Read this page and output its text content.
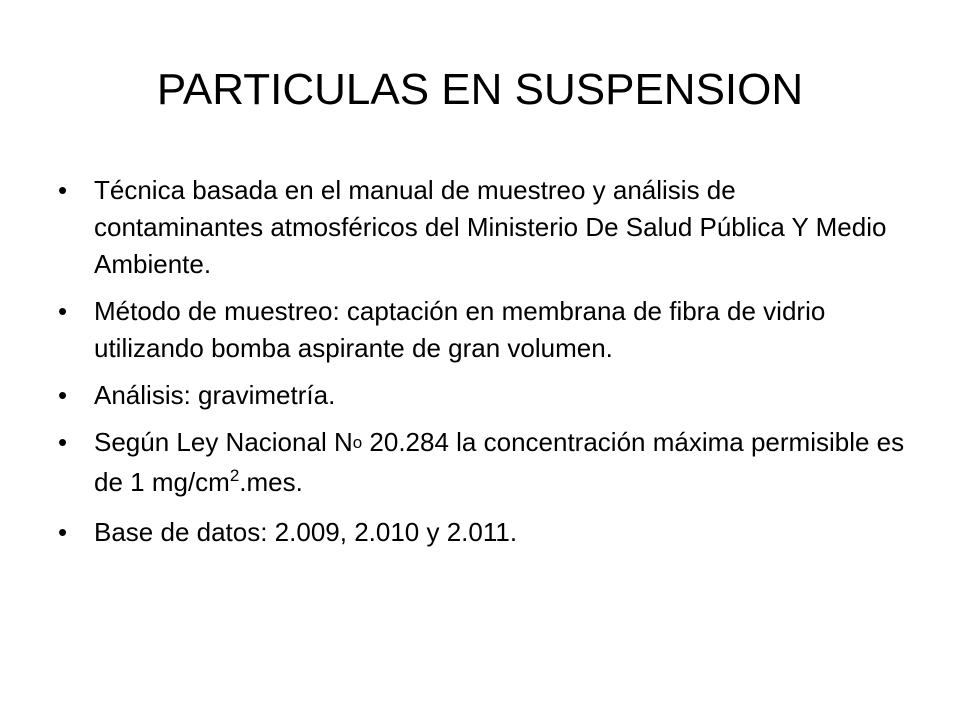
PARTICULAS EN SUSPENSION
• Técnica basada en el manual de muestreo y análisis de contaminantes atmosféricos del Ministerio De Salud Pública Y Medio Ambiente.
• Método de muestreo: captación en membrana de fibra de vidrio utilizando bomba aspirante de gran volumen.
• Análisis: gravimetría.
• Según Ley Nacional No 20.284 la concentración máxima permisible es de 1 $mg/cm^2.mes$.
• Base de datos: 2.009, 2.010 y 2.011.
